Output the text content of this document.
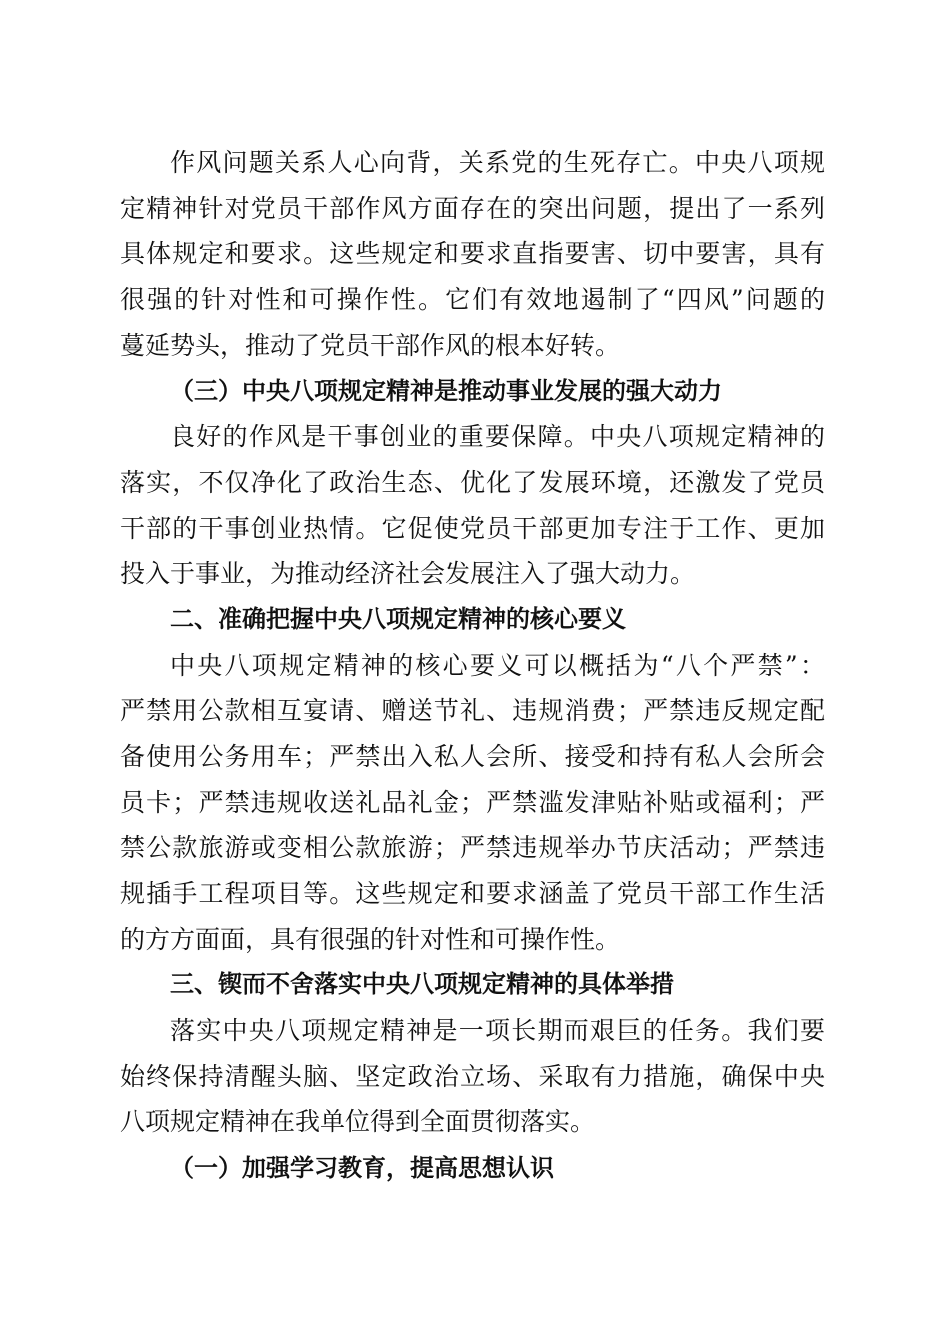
作风问题关系人心向背，关系党的生死存亡。中央八项规
定精神针对党员干部作风方面存在的突出问题，提出了一系列
具体规定和要求。这些规定和要求直指要害、切中要害，具有
很强的针对性和可操作性。它们有效地遏制了“四风”问题的
蔓延势头，推动了党员干部作风的根本好转。
（三）中央八项规定精神是推动事业发展的强大动力
良好的作风是干事创业的重要保障。中央八项规定精神的
落实，不仅净化了政治生态、优化了发展环境，还激发了党员
干部的干事创业热情。它促使党员干部更加专注于工作、更加
投入于事业，为推动经济社会发展注入了强大动力。
二、准确把握中央八项规定精神的核心要义
中央八项规定精神的核心要义可以概括为“八个严禁”：
严禁用公款相互宴请、赠送节礼、违规消费；严禁违反规定配
备使用公务用车；严禁出入私人会所、接受和持有私人会所会
员卡；严禁违规收送礼品礼金；严禁滥发津贴补贴或福利；严
禁公款旅游或变相公款旅游；严禁违规举办节庆活动；严禁违
规插手工程项目等。这些规定和要求涵盖了党员干部工作生活
的方方面面，具有很强的针对性和可操作性。
三、锲而不舍落实中央八项规定精神的具体举措
落实中央八项规定精神是一项长期而艰巨的任务。我们要
始终保持清醒头脑、坚定政治立场、采取有力措施，确保中央
八项规定精神在我单位得到全面贯彻落实。
（一）加强学习教育，提高思想认识
